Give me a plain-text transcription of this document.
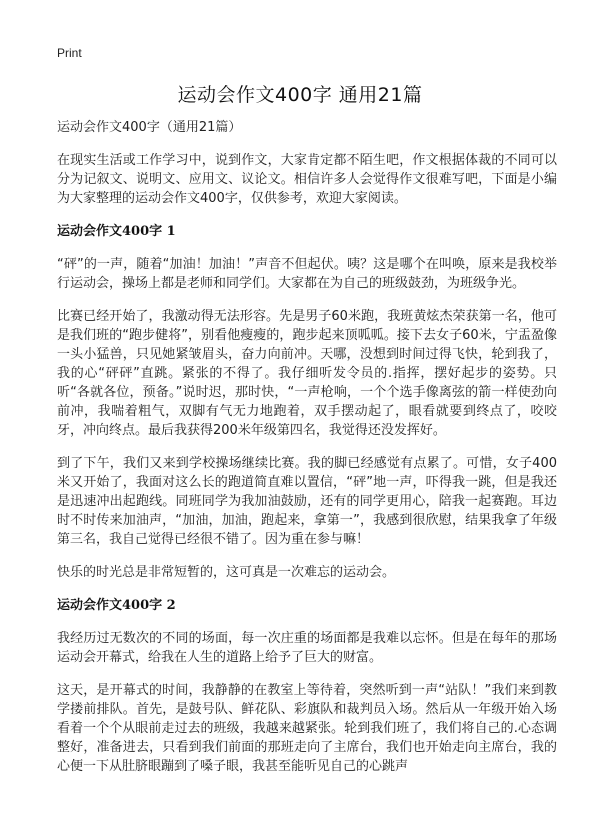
Print
运动会作文400字 通用21篇

运动会作文400字（通用21篇）

在现实生活或工作学习中，说到作文，大家肯定都不陌生吧，作文根据体裁的不同可以分为记叙文、说明文、应用文、议论文。相信许多人会觉得作文很难写吧，下面是小编为大家整理的运动会作文400字，仅供参考，欢迎大家阅读。

运动会作文400字 1

“砰”的一声，随着“加油！加油！”声音不但起伏。咦？这是哪个在叫唤，原来是我校举行运动会，操场上都是老师和同学们。大家都在为自己的班级鼓劲，为班级争光。

比赛已经开始了，我激动得无法形容。先是男子60米跑，我班黄炫杰荣获第一名，他可是我们班的“跑步健将”，别看他瘦瘦的，跑步起来顶呱呱。接下去女子60米，宁盂盈像一头小猛兽，只见她紧皱眉头，奋力向前冲。天哪，没想到时间过得飞快，轮到我了，我的心“砰砰”直跳。紧张的不得了。我仔细听发令员的.指挥，摆好起步的姿势。只听“各就各位，预备。”说时迟，那时快，“一声枪响，一个个选手像离弦的箭一样使劲向前冲，我喘着粗气，双脚有气无力地跑着，双手摆动起了，眼看就要到终点了，咬咬牙，冲向终点。最后我获得200米年级第四名，我觉得还没发挥好。

到了下午，我们又来到学校操场继续比赛。我的脚已经感觉有点累了。可惜，女子400米又开始了，我面对这么长的跑道简直难以置信，“砰”地一声，吓得我一跳，但是我还是迅速冲出起跑线。同班同学为我加油鼓励，还有的同学更用心，陪我一起赛跑。耳边时不时传来加油声，“加油，加油，跑起来，拿第一”，我感到很欣慰，结果我拿了年级第三名，我自己觉得已经很不错了。因为重在参与嘛！

快乐的时光总是非常短暂的，这可真是一次难忘的运动会。

运动会作文400字 2

我经历过无数次的不同的场面，每一次庄重的场面都是我难以忘怀。但是在每年的那场运动会开幕式，给我在人生的道路上给予了巨大的财富。

这天，是开幕式的时间，我静静的在教室上等待着，突然听到一声“站队！”我们来到教学搂前排队。首先，是鼓号队、鲜花队、彩旗队和裁判员入场。然后从一年级开始入场看着一个个从眼前走过去的班级，我越来越紧张。轮到我们班了，我们将自己的.心态调整好，准备进去，只看到我们前面的那班走向了主席台，我们也开始走向主席台，我的心便一下从肚脐眼蹦到了嗓子眼，我甚至能听见自己的心跳声
